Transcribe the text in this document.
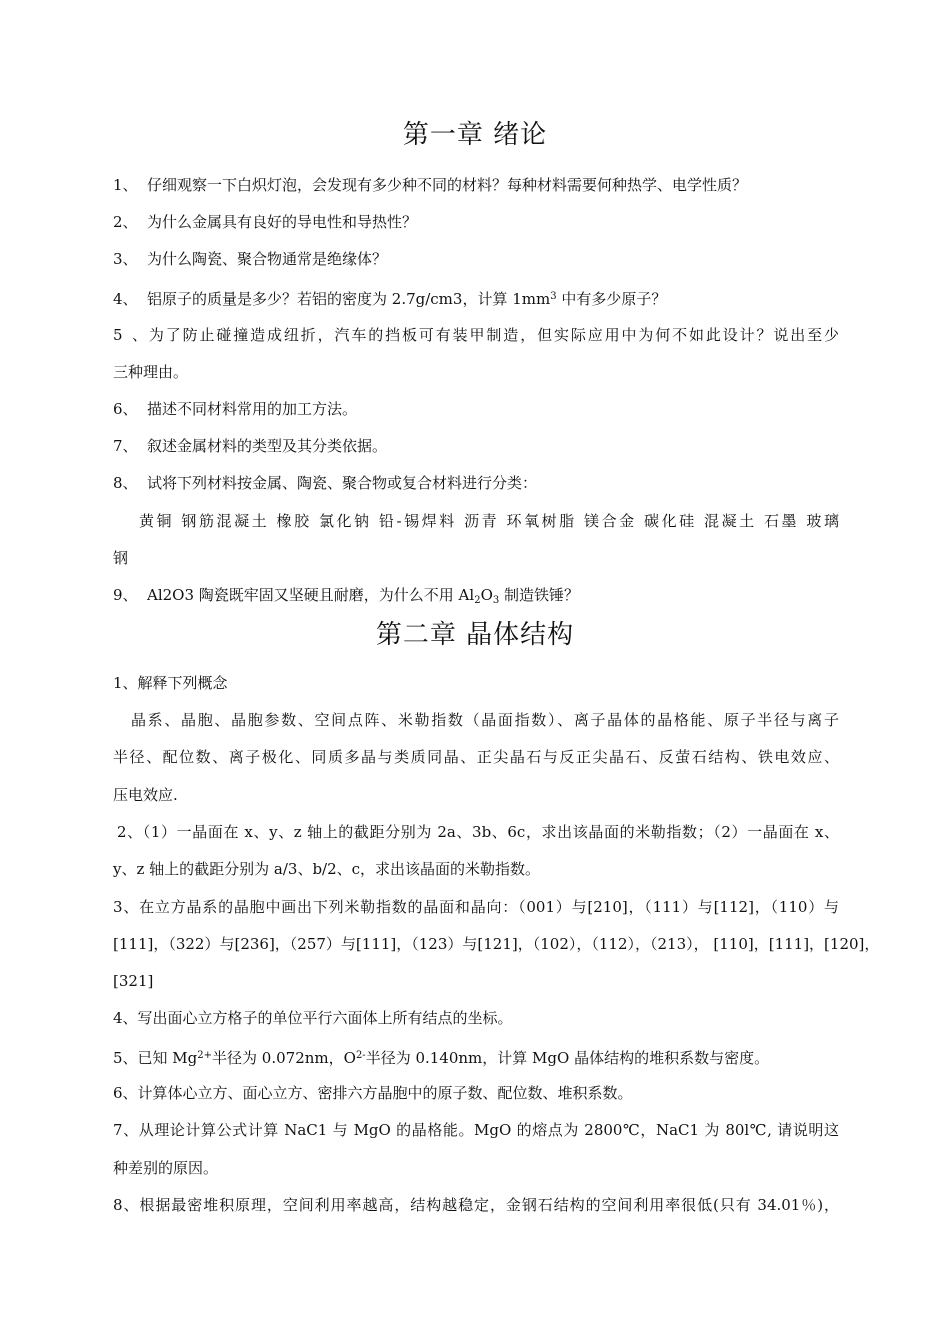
第一章 绪论
1、 仔细观察一下白炽灯泡，会发现有多少种不同的材料？每种材料需要何种热学、电学性质？
2、 为什么金属具有良好的导电性和导热性？
3、 为什么陶瓷、聚合物通常是绝缘体？
4、 铝原子的质量是多少？若铝的密度为 2.7g/cm3，计算 $1mm^3$ 中有多少原子？
5、为了防止碰撞造成纽折，汽车的挡板可有装甲制造，但实际应用中为何不如此设计？说出至少
三种理由。
6、 描述不同材料常用的加工方法。
7、 叙述金属材料的类型及其分类依据。
8、 试将下列材料按金属、陶瓷、聚合物或复合材料进行分类：
黄铜 钢筋混凝土 橡胶 氯化钠 铅-锡焊料 沥青 环氧树脂 镁合金 碳化硅 混凝土 石墨 玻璃
钢
9、 Al2O3 陶瓷既牢固又坚硬且耐磨，为什么不用 $Al_2O_3$ 制造铁锤？
第二章 晶体结构
1、解释下列概念
晶系、晶胞、晶胞参数、空间点阵、米勒指数（晶面指数）、离子晶体的晶格能、原子半径与离子
半径、配位数、离子极化、同质多晶与类质同晶、正尖晶石与反正尖晶石、反萤石结构、铁电效应、
压电效应.
2、（1）一晶面在 x、y、z 轴上的截距分别为 2a、3b、6c，求出该晶面的米勒指数；（2）一晶面在 x、
y、z 轴上的截距分别为 a/3、b/2、c，求出该晶面的米勒指数。
3、在立方晶系的晶胞中画出下列米勒指数的晶面和晶向：（001）与[210]，（111）与[112]，（110）与
[111]，（322）与[236]，（257）与[111]，（123）与[121]，（102），（112），（213）， [110]，[111]，[120]，
[321]
4、写出面心立方格子的单位平行六面体上所有结点的坐标。
5、已知 $Mg^{2+}$半径为 0.072nm，$O^{2-}$半径为 0.140nm，计算 MgO 晶体结构的堆积系数与密度。
6、计算体心立方、面心立方、密排六方晶胞中的原子数、配位数、堆积系数。
7、从理论计算公式计算 NaC1 与 MgO 的晶格能。MgO 的熔点为 2800℃，NaC1 为 80l℃, 请说明这
种差别的原因。
8、根据最密堆积原理，空间利用率越高，结构越稳定，金钢石结构的空间利用率很低(只有 34.01％)，
